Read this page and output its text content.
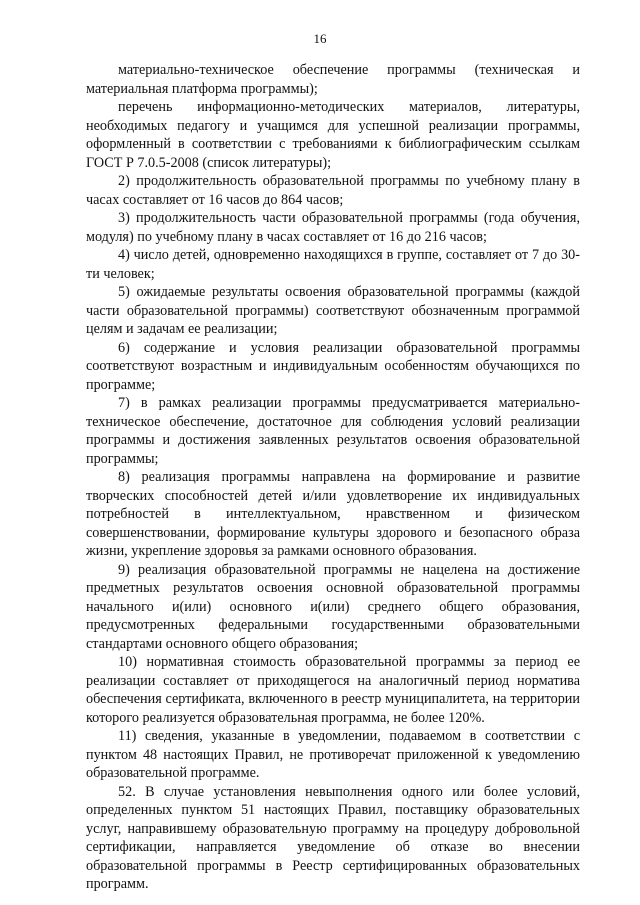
16

материально-техническое обеспечение программы (техническая и материальная платформа программы);

перечень информационно-методических материалов, литературы, необходимых педагогу и учащимся для успешной реализации программы, оформленный в соответствии с требованиями к библиографическим ссылкам ГОСТ Р 7.0.5-2008 (список литературы);

2) продолжительность образовательной программы по учебному плану в часах составляет от 16 часов до 864 часов;

3) продолжительность части образовательной программы (года обучения, модуля) по учебному плану в часах составляет от 16 до 216 часов;

4) число детей, одновременно находящихся в группе, составляет от 7 до 30-ти человек;

5) ожидаемые результаты освоения образовательной программы (каждой части образовательной программы) соответствуют обозначенным программой целям и задачам ее реализации;

6) содержание и условия реализации образовательной программы соответствуют возрастным и индивидуальным особенностям обучающихся по программе;

7) в рамках реализации программы предусматривается материально-техническое обеспечение, достаточное для соблюдения условий реализации программы и достижения заявленных результатов освоения образовательной программы;

8) реализация программы направлена на формирование и развитие творческих способностей детей и/или удовлетворение их индивидуальных потребностей в интеллектуальном, нравственном и физическом совершенствовании, формирование культуры здорового и безопасного образа жизни, укрепление здоровья за рамками основного образования.

9) реализация образовательной программы не нацелена на достижение предметных результатов освоения основной образовательной программы начального и(или) основного и(или) среднего общего образования, предусмотренных федеральными государственными образовательными стандартами основного общего образования;

10) нормативная стоимость образовательной программы за период ее реализации составляет от приходящегося на аналогичный период норматива обеспечения сертификата, включенного в реестр муниципалитета, на территории которого реализуется образовательная программа, не более 120%.

11) сведения, указанные в уведомлении, подаваемом в соответствии с пунктом 48 настоящих Правил, не противоречат приложенной к уведомлению образовательной программе.

52. В случае установления невыполнения одного или более условий, определенных пунктом 51 настоящих Правил, поставщику образовательных услуг, направившему образовательную программу на процедуру добровольной сертификации, направляется уведомление об отказе во внесении образовательной программы в Реестр сертифицированных образовательных программ.
